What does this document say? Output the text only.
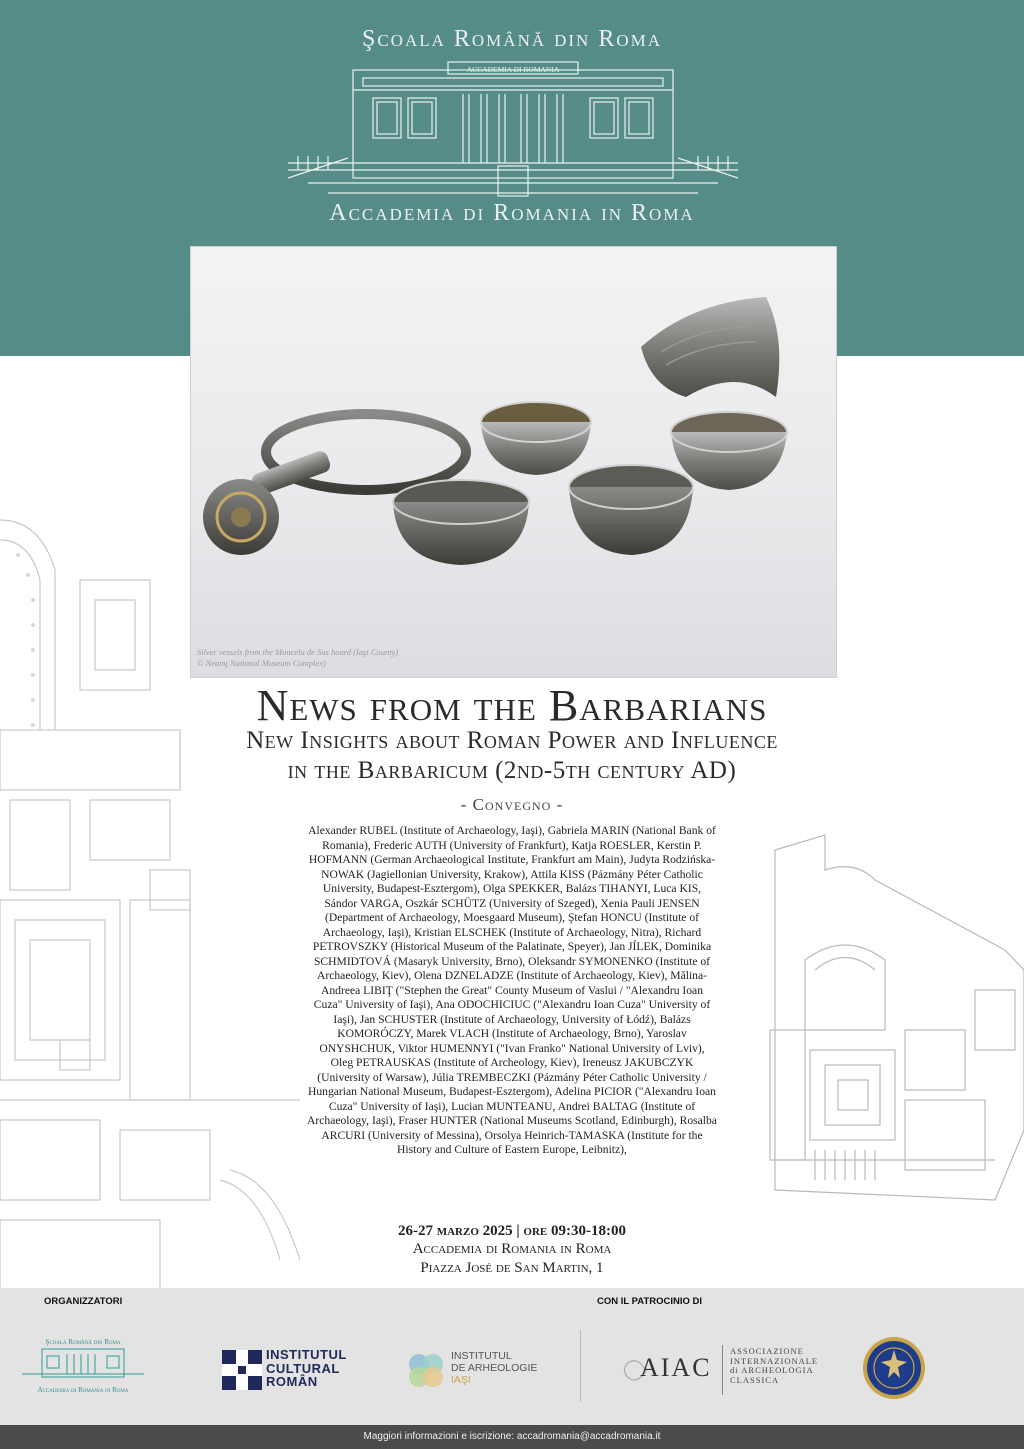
Şcoala Română din Roma
ACCADEMIA DI ROMANIA
Accademia di Romania in Roma
Silver vessels from the Muncelu de Sus hoard (Iaşi County)
© Neamţ National Museum Complex)
News from the Barbarians
New Insights about Roman Power and Influence
in the Barbaricum (2nd-5th century AD)
- Convegno -
Alexander RUBEL (Institute of Archaeology, Iaşi), Gabriela MARIN (National Bank of Romania), Frederic AUTH (University of Frankfurt), Katja ROESLER, Kerstin P. HOFMANN (German Archaeological Institute, Frankfurt am Main), Judyta Rodzińska-NOWAK (Jagiellonian University, Krakow), Attila KISS (Pázmány Péter Catholic University, Budapest-Esztergom), Olga SPEKKER, Balázs TIHANYI, Luca KIS, Sándor VARGA, Oszkár SCHÜTZ (University of Szeged), Xenia Pauli JENSEN (Department of Archaeology, Moesgaard Museum), Ştefan HONCU (Institute of Archaeology, Iaşi), Kristian ELSCHEK (Institute of Archaeology, Nitra), Richard PETROVSZKY (Historical Museum of the Palatinate, Speyer), Jan JÍLEK, Dominika SCHMIDTOVÁ (Masaryk University, Brno), Oleksandr SYMONENKO (Institute of Archaeology, Kiev), Olena DZNELADZE (Institute of Archaeology, Kiev), Mălina-Andreea LIBIŢ ("Stephen the Great" County Museum of Vaslui / "Alexandru Ioan Cuza" University of Iaşi), Ana ODOCHICIUC ("Alexandru Ioan Cuza" University of Iaşi), Jan SCHUSTER (Institute of Archaeology, University of Łódź), Balázs KOMORÓCZY, Marek VLACH (Institute of Archaeology, Brno), Yaroslav ONYSHCHUK, Viktor HUMENNYI ("Ivan Franko" National University of Lviv), Oleg PETRAUSKAS (Institute of Archeology, Kiev), Ireneusz JAKUBCZYK (University of Warsaw), Júlia TREMBECZKI (Pázmány Péter Catholic University / Hungarian National Museum, Budapest-Esztergom), Adelina PICIOR ("Alexandru Ioan Cuza" University of Iaşi), Lucian MUNTEANU, Andrei BALTAG (Institute of Archaeology, Iaşi), Fraser HUNTER (National Museums Scotland, Edinburgh), Rosalba ARCURI (University of Messina), Orsolya Heinrich-TAMASKA (Institute for the History and Culture of Eastern Europe, Leibnitz),
26-27 marzo 2025 | ore 09:30-18:00
Accademia di Romania in Roma
Piazza José de San Martin, 1
ORGANIZZATORI	CON IL PATROCINIO DI
Şcoala Română din Roma
Accademia di Romania in Roma
INSTITUTUL
CULTURAL
ROMÂN
INSTITUTUL
DE ARHEOLOGIE
IAŞI	AIAC
ASSOCIAZIONE
INTERNAZIONALE
di ARCHEOLOGIA
CLASSICA
Maggiori informazioni e iscrizione: accadromania@accadromania.it
